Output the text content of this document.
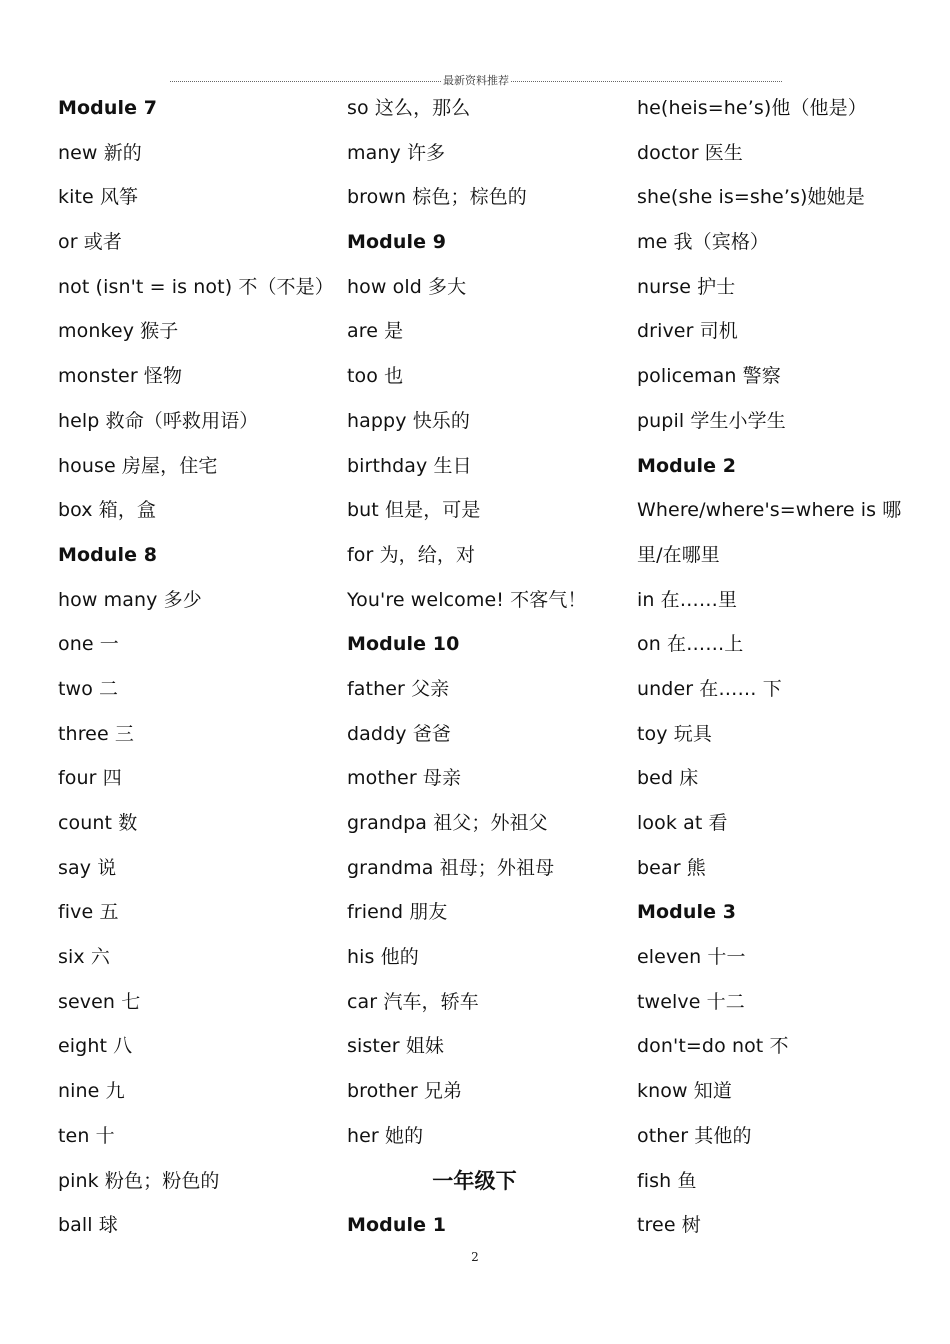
最新资料推荐
Module 7
new 新的
kite 风筝
or 或者
not (isn't = is not) 不（不是）
monkey 猴子
monster 怪物
help 救命（呼救用语）
house 房屋，住宅
box 箱，盒
Module 8
how many 多少
one 一
two 二
three 三
four 四
count 数
say 说
five 五
six 六
seven 七
eight 八
nine 九
ten 十
pink 粉色；粉色的
ball 球
so 这么，那么
many 许多
brown 棕色；棕色的
Module 9
how old 多大
are 是
too 也
happy 快乐的
birthday 生日
but 但是，可是
for 为，给，对
You're welcome! 不客气！
Module 10
father 父亲
daddy 爸爸
mother 母亲
grandpa 祖父；外祖父
grandma 祖母；外祖母
friend 朋友
his 他的
car 汽车，轿车
sister 姐妹
brother 兄弟
her 她的
一年级下
Module 1
he(heis=he’s)他（他是）
doctor 医生
she(she is=she’s)她她是
me 我（宾格）
nurse 护士
driver 司机
policeman 警察
pupil 学生小学生
Module 2
Where/where's=where is 哪
里/在哪里
in 在……里
on 在……上
under 在…… 下
toy 玩具
bed 床
look at 看
bear 熊
Module 3
eleven 十一
twelve 十二
don't=do not 不
know 知道
other 其他的
fish 鱼
tree 树
2
